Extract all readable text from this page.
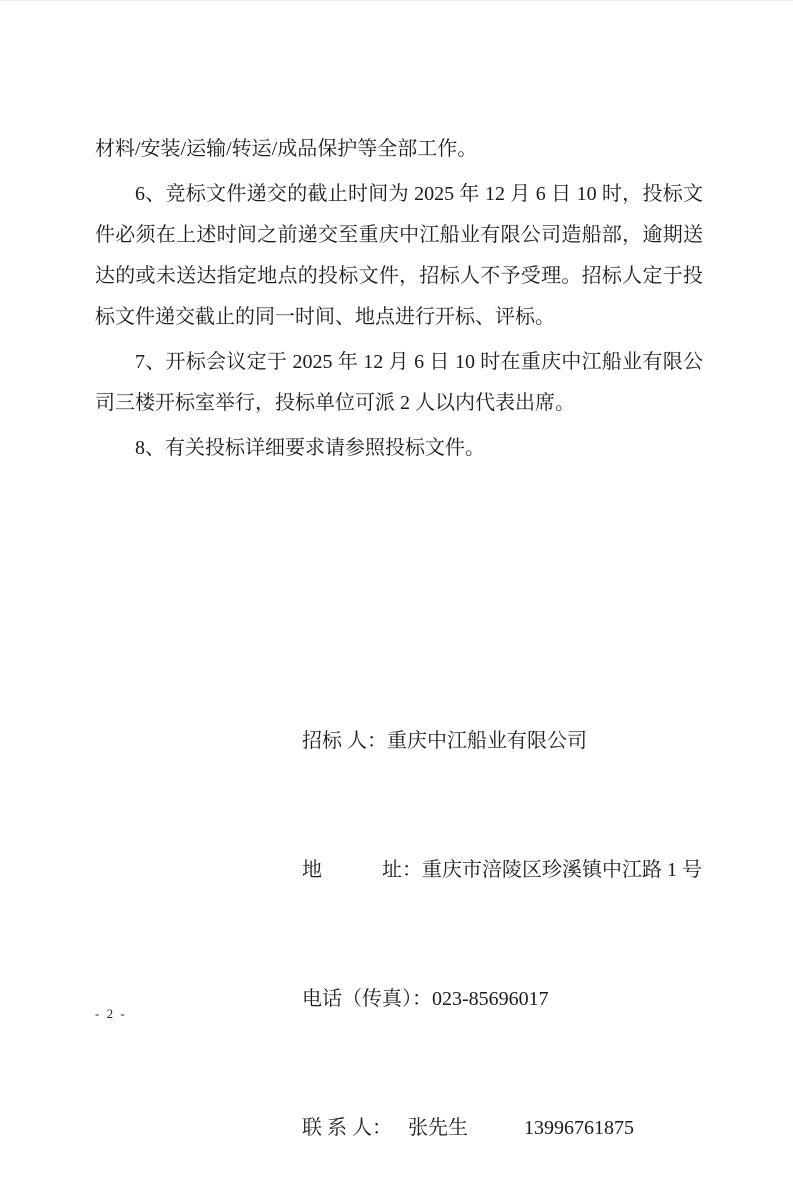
材料/安装/运输/转运/成品保护等全部工作。

6、竞标文件递交的截止时间为 2025 年 12 月 6 日 10 时，投标文件必须在上述时间之前递交至重庆中江船业有限公司造船部，逾期送达的或未送达指定地点的投标文件，招标人不予受理。招标人定于投标文件递交截止的同一时间、地点进行开标、评标。

7、开标会议定于 2025 年 12 月 6 日 10 时在重庆中江船业有限公司三楼开标室举行，投标单位可派 2 人以内代表出席。

8、有关投标详细要求请参照投标文件。

招标 人：重庆中江船业有限公司

地　　　址：重庆市涪陵区珍溪镇中江路 1 号

电话（传真）：023-85696017

联 系 人： 张先生	13996761875

- 2 -
